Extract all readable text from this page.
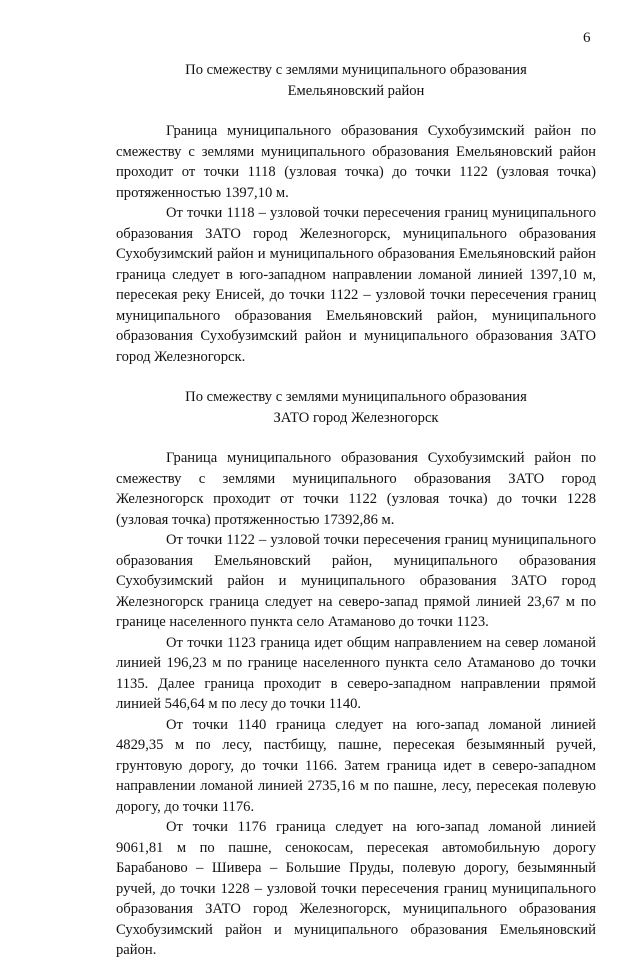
6

По смежеству с землями муниципального образования

Емельяновский район

Граница муниципального образования Сухобузимский район по смежеству с землями муниципального образования Емельяновский район проходит от точки 1118 (узловая точка) до точки 1122 (узловая точка) протяженностью 1397,10 м.

От точки 1118 – узловой точки пересечения границ муниципального образования ЗАТО город Железногорск, муниципального образования Сухобузимский район и муниципального образования Емельяновский район граница следует в юго-западном направлении ломаной линией 1397,10 м, пересекая реку Енисей, до точки 1122 – узловой точки пересечения границ муниципального образования Емельяновский район, муниципального образования Сухобузимский район и муниципального образования ЗАТО город Железногорск.

По смежеству с землями муниципального образования

ЗАТО город Железногорск

Граница муниципального образования Сухобузимский район по смежеству с землями муниципального образования ЗАТО город Железногорск проходит от точки 1122 (узловая точка) до точки 1228 (узловая точка) протяженностью 17392,86 м.

От точки 1122 – узловой точки пересечения границ муниципального образования Емельяновский район, муниципального образования Сухобузимский район и муниципального образования ЗАТО город Железногорск граница следует на северо-запад прямой линией 23,67 м по границе населенного пункта село Атаманово до точки 1123.

От точки 1123 граница идет общим направлением на север ломаной линией 196,23 м по границе населенного пункта село Атаманово до точки 1135. Далее граница проходит в северо-западном направлении прямой линией 546,64 м по лесу до точки 1140.

От точки 1140 граница следует на юго-запад ломаной линией 4829,35 м по лесу, пастбищу, пашне, пересекая безымянный ручей, грунтовую дорогу, до точки 1166. Затем граница идет в северо-западном направлении ломаной линией 2735,16 м по пашне, лесу, пересекая полевую дорогу, до точки 1176.

От точки 1176 граница следует на юго-запад ломаной линией 9061,81 м по пашне, сенокосам, пересекая автомобильную дорогу Барабаново – Шивера – Большие Пруды, полевую дорогу, безымянный ручей, до точки 1228 – узловой точки пересечения границ муниципального образования ЗАТО город Железногорск, муниципального образования Сухобузимский район и муниципального образования Емельяновский район.
